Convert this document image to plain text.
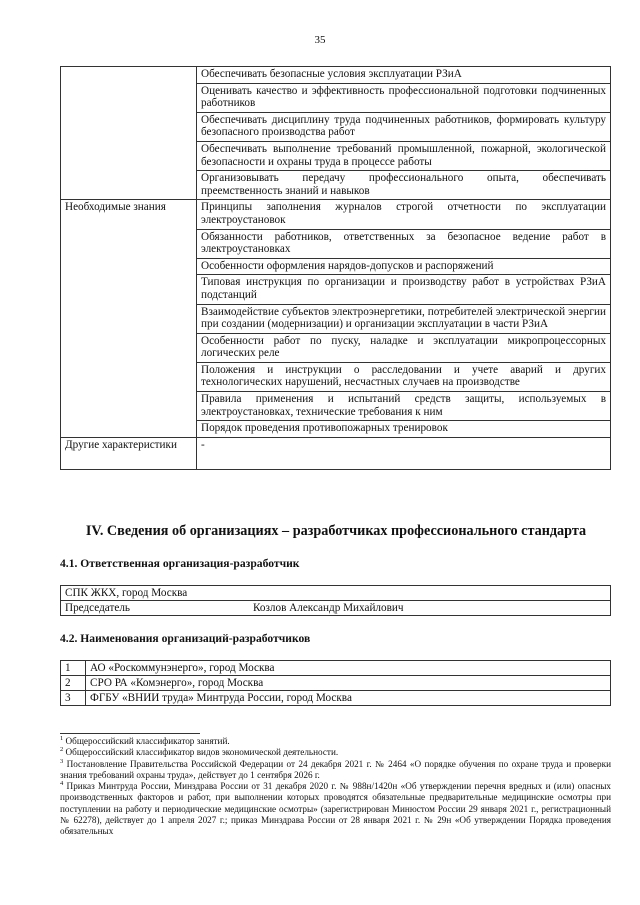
35
	Обеспечивать безопасные условия эксплуатации РЗиА
	Оценивать качество и эффективность профессиональной подготовки подчиненных работников
	Обеспечивать дисциплину труда подчиненных работников, формировать культуру безопасного производства работ
	Обеспечивать выполнение требований промышленной, пожарной, экологической безопасности и охраны труда в процессе работы
	Организовывать передачу профессионального опыта, обеспечивать преемственность знаний и навыков
Необходимые знания	Принципы заполнения журналов строгой отчетности по эксплуатации электроустановок
	Обязанности работников, ответственных за безопасное ведение работ в электроустановках
	Особенности оформления нарядов-допусков и распоряжений
	Типовая инструкция по организации и производству работ в устройствах РЗиА подстанций
	Взаимодействие субъектов электроэнергетики, потребителей электрической энергии при создании (модернизации) и организации эксплуатации в части РЗиА
	Особенности работ по пуску, наладке и эксплуатации микропроцессорных логических реле
	Положения и инструкции о расследовании и учете аварий и других технологических нарушений, несчастных случаев на производстве
	Правила применения и испытаний средств защиты, используемых в электроустановках, технические требования к ним
	Порядок проведения противопожарных тренировок
Другие характеристики	-
IV. Сведения об организациях – разработчиках профессионального стандарта
4.1. Ответственная организация-разработчик
СПК ЖКХ, город Москва

Председатель	Козлов Александр Михайлович
4.2. Наименования организаций-разработчиков
1	АО «Роскоммунэнерго», город Москва
2	СРО РА «Комэнерго», город Москва
3	ФГБУ «ВНИИ труда» Минтруда России, город Москва

$^1$ Общероссийский классификатор занятий.

$^2$ Общероссийский классификатор видов экономической деятельности.

$^3$ Постановление Правительства Российской Федерации от 24 декабря 2021 г. № 2464 «О порядке обучения по охране труда и проверки знания требований охраны труда», действует до 1 сентября 2026 г.

$^4$ Приказ Минтруда России, Минздрава России от 31 декабря 2020 г. № 988н/1420н «Об утверждении перечня вредных и (или) опасных производственных факторов и работ, при выполнении которых проводятся обязательные предварительные медицинские осмотры при поступлении на работу и периодические медицинские осмотры» (зарегистрирован Минюстом России 29 января 2021 г., регистрационный № 62278), действует до 1 апреля 2027 г.; приказ Минздрава России от 28 января 2021 г. № 29н «Об утверждении Порядка проведения обязательных
